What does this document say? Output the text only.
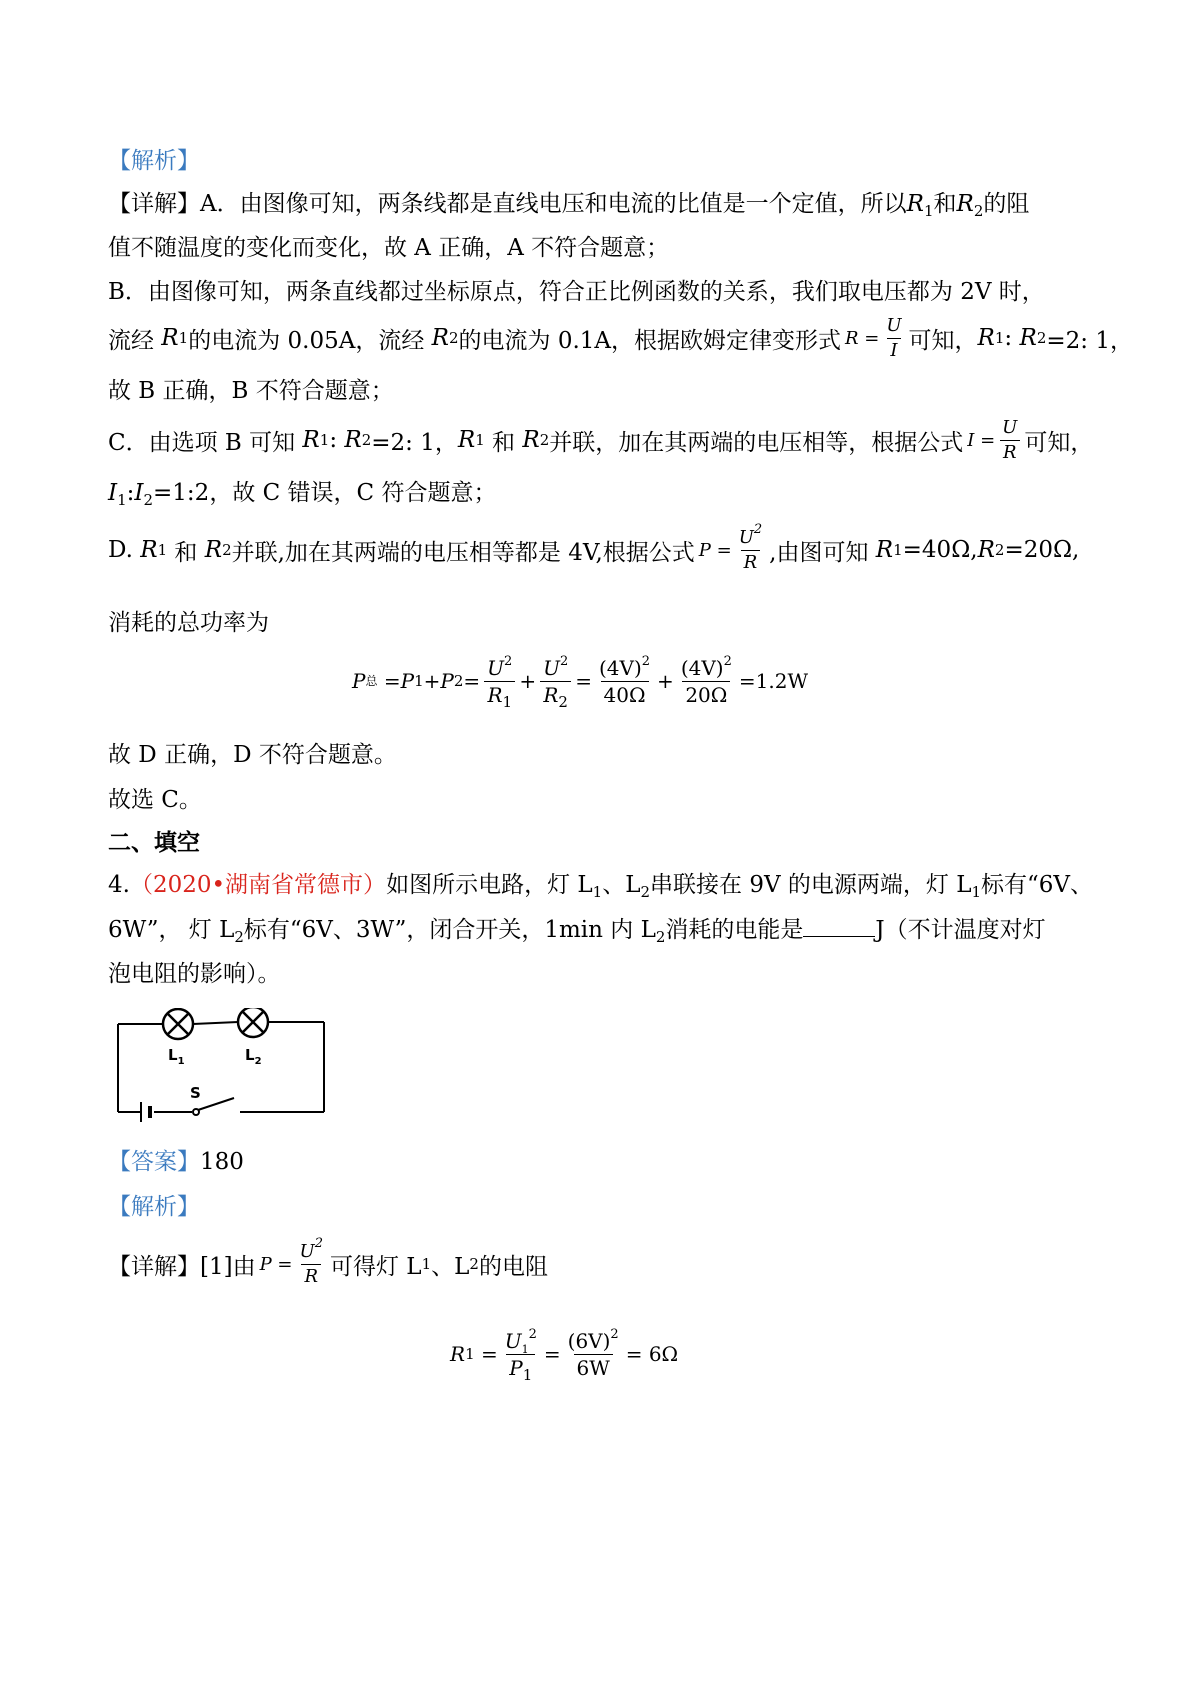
【解析】
【详解】A．由图像可知，两条线都是直线电压和电流的比值是一个定值，所以$R_1$和$R_2$的阻
值不随温度的变化而变化，故 A 正确，A 不符合题意；
B．由图像可知，两条直线都过坐标原点，符合正比例函数的关系，我们取电压都为 2V 时，
流经 R 1 的电流为 0.05A，流经 R 2 的电流为 0.1A，根据欧姆定律变形式 $R = \frac{U}{I}$ 可知， R 1 : R 2 =2: 1，
故 B 正确，B 不符合题意；
C．由选项 B 可知 R 1 : R 2 =2: 1， R 1 和 R 2 并联，加在其两端的电压相等，根据公式 $I = \frac{U}{R}$ 可知，
$I_1:I_2=1:2$，故 C 错误，C 符合题意；
D. R 1 和 R 2 并联,加在其两端的电压相等都是 4V,根据公式 $P = \frac{U^2}{R}$ ,由图可知 R 1 =40Ω, R 2 =20Ω,
消耗的总功率为
P 总 = P 1 + P $2 = \frac{U^2}{R_1} + \frac{U^2}{R_2} = \frac{(4V)^2}{40\Omega} + \frac{(4V)^2}{20\Omega} =1.2W$
故 D 正确，D 不符合题意。
故选 C。
二、填空
4.（2020•湖南省常德市）如图所示电路，灯 $L_1$、$L_2$串联接在 9V 的电源两端，灯 $L_1$标有“6V、
6W”， 灯 $L_2$标有“6V、3W”，闭合开关，1min 内 $L_2$消耗的电能是	J（不计温度对灯
泡电阻的影响）。
$L_1$	$L_2$
S
【答案】180
【解析】
【详解】 [1]由 $P = \frac{U^2}{R}$ 可得灯 L 1 、L 2 的电阻
R $1 = \frac{U_1^2}{P_1} = \frac{(6V)^2}{6W} = 6\Omega$
